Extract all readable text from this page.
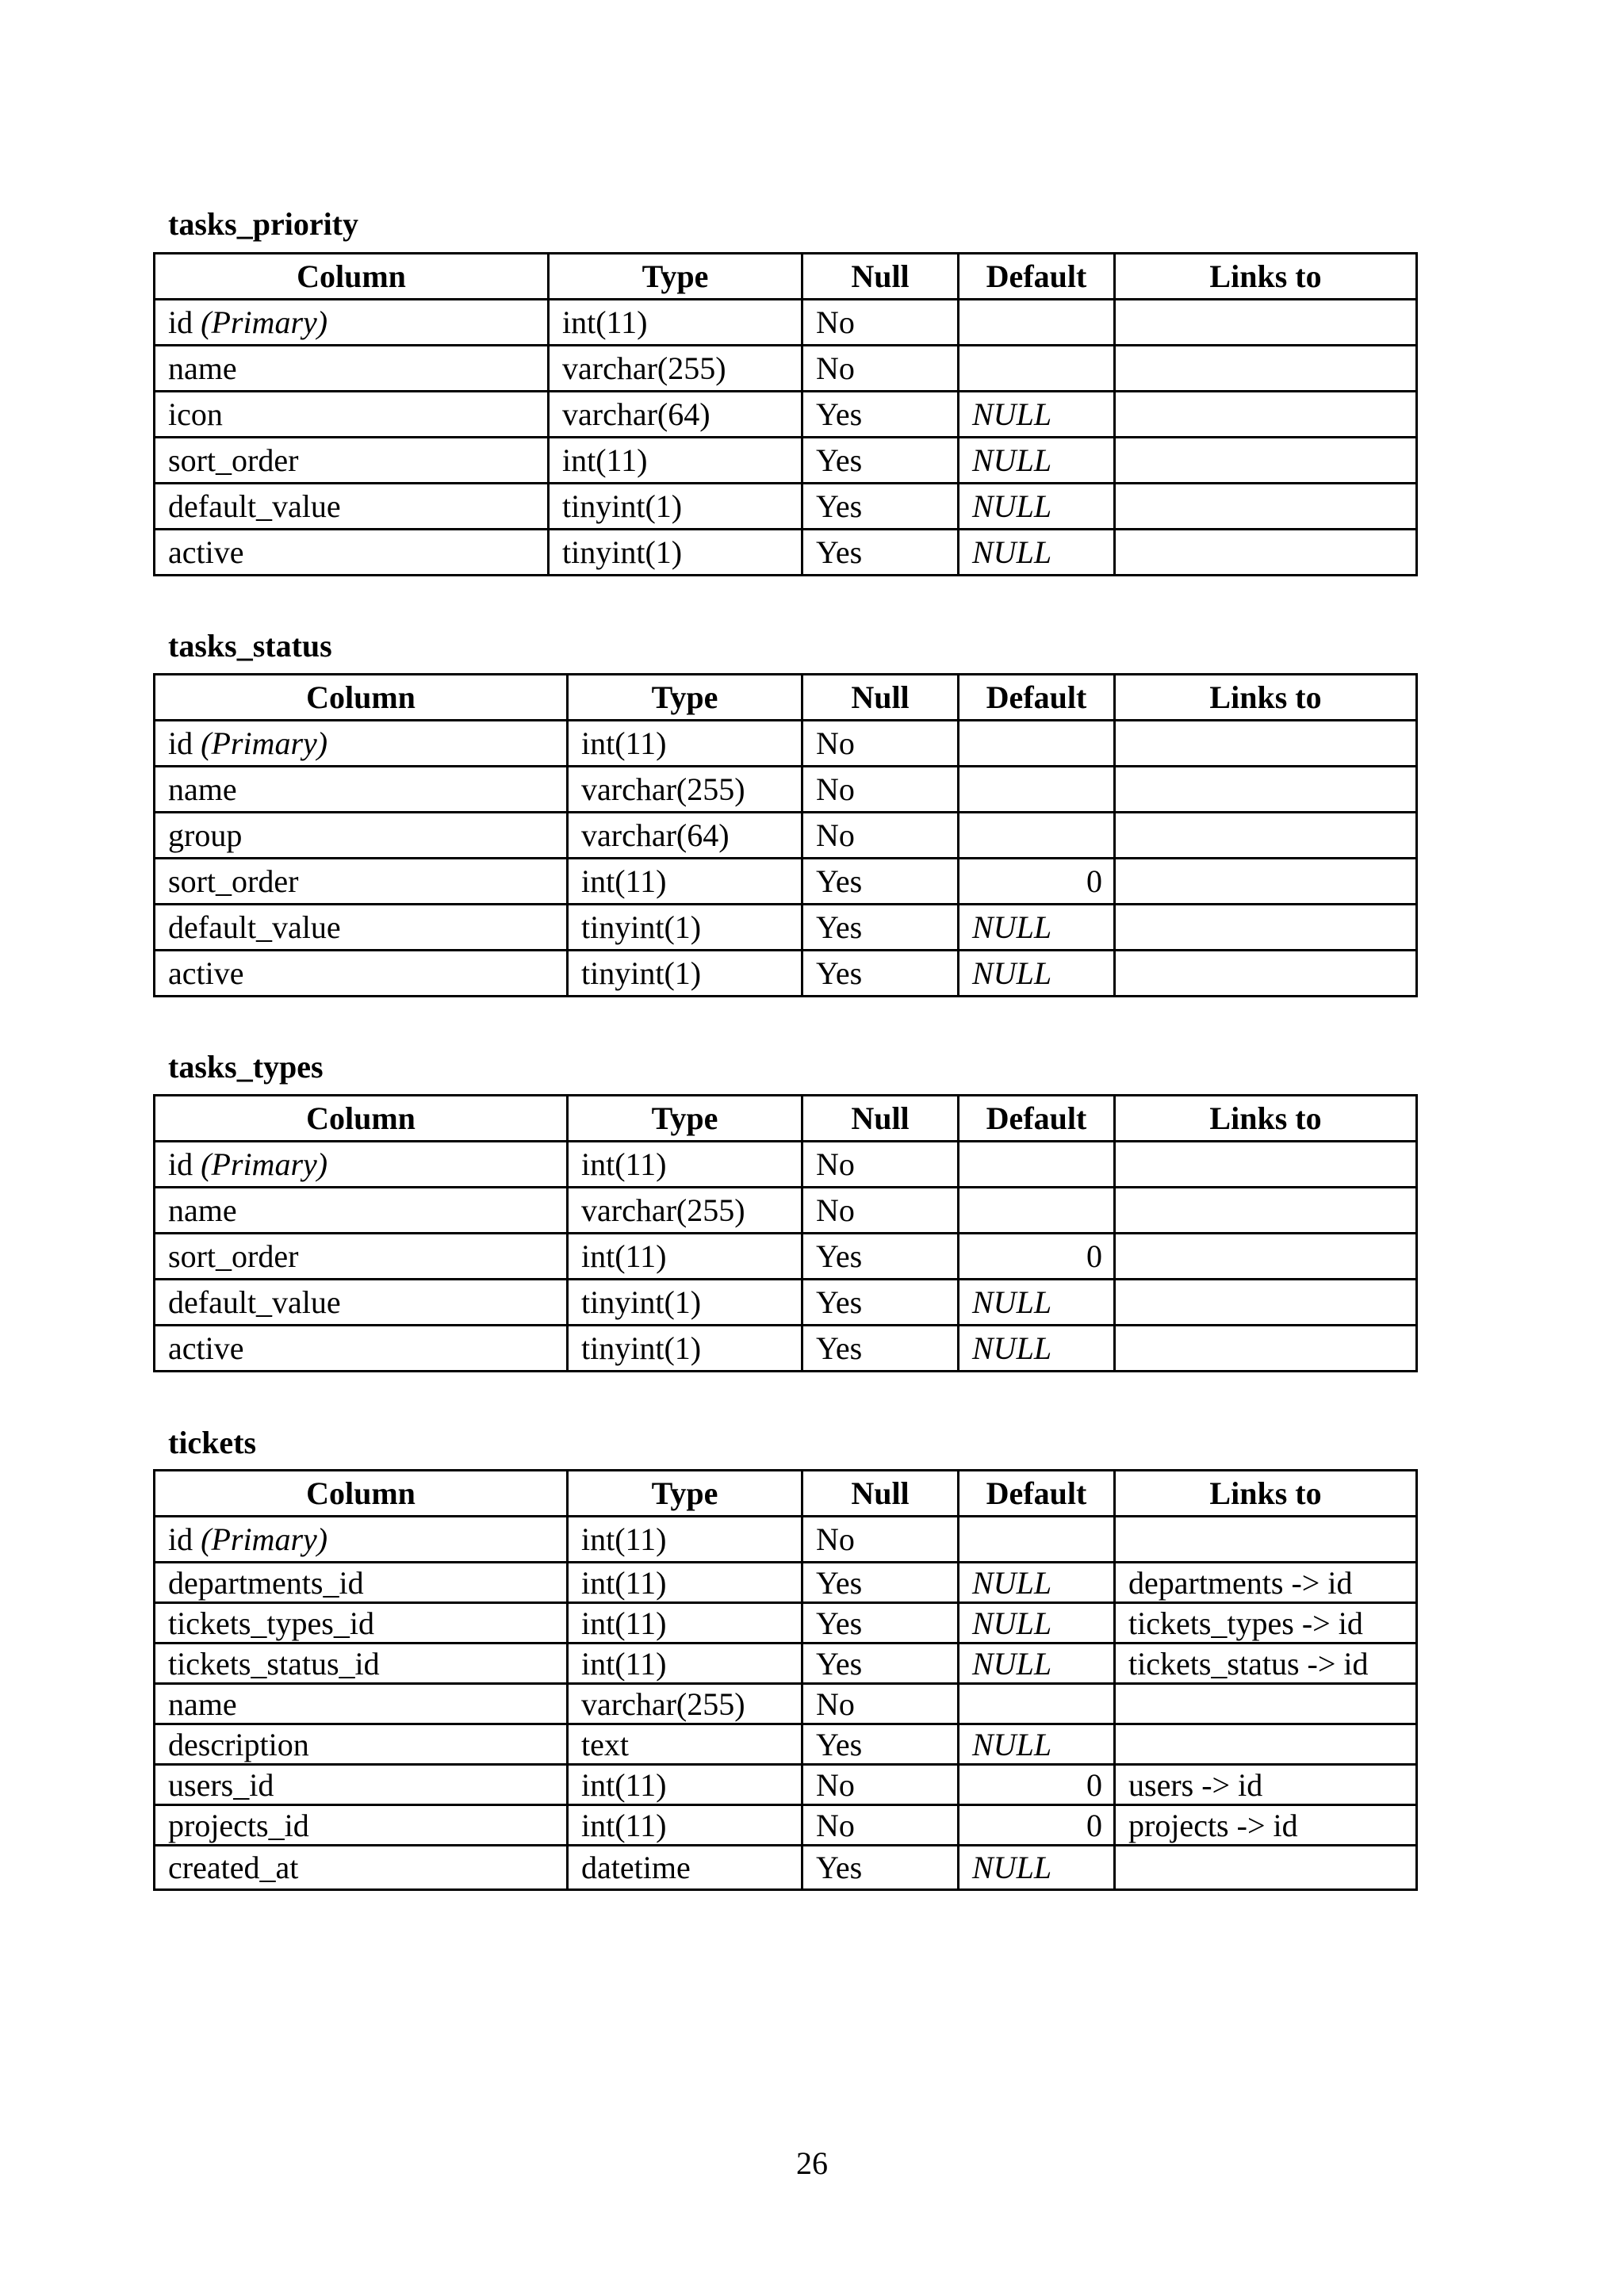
tasks_priority
Column	Type	Null	Default	Links to
id (Primary)	int(11)	No		
name	varchar(255)	No		
icon	varchar(64)	Yes	NULL	
sort_order	int(11)	Yes	NULL	
default_value	tinyint(1)	Yes	NULL	
active	tinyint(1)	Yes	NULL	
tasks_status
Column	Type	Null	Default	Links to
id (Primary)	int(11)	No		
name	varchar(255)	No		
group	varchar(64)	No		
sort_order	int(11)	Yes	0	
default_value	tinyint(1)	Yes	NULL	
active	tinyint(1)	Yes	NULL	
tasks_types
Column	Type	Null	Default	Links to
id (Primary)	int(11)	No		
name	varchar(255)	No		
sort_order	int(11)	Yes	0	
default_value	tinyint(1)	Yes	NULL	
active	tinyint(1)	Yes	NULL	
tickets
Column	Type	Null	Default	Links to
id (Primary)	int(11)	No		
departments_id	int(11)	Yes	NULL	departments -> id
tickets_types_id	int(11)	Yes	NULL	tickets_types -> id
tickets_status_id	int(11)	Yes	NULL	tickets_status -> id
name	varchar(255)	No		
description	text	Yes	NULL	
users_id	int(11)	No	0	users -> id
projects_id	int(11)	No	0	projects -> id
created_at	datetime	Yes	NULL	
26
